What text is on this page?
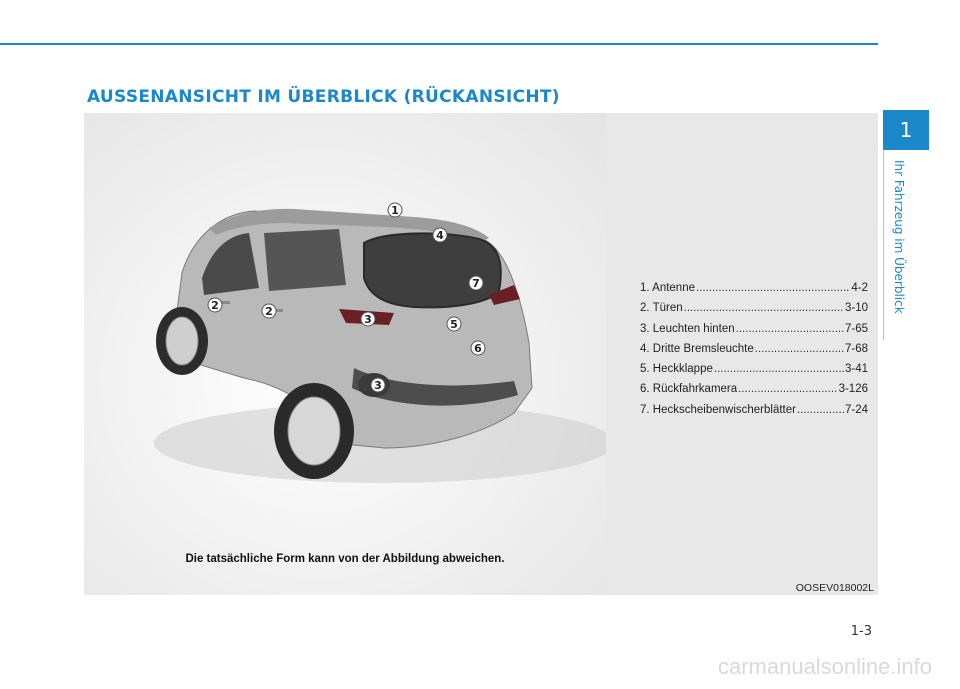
AUSSENANSICHT IM ÜBERBLICK (RÜCKANSICHT)
1
2	2
3
3
4
5
6
7
Die tatsächliche Form kann von der Abbildung abweichen.
1. Antenne .....	4-2
2. Türen .....	3-10
3. Leuchten hinten .....	7-65
4. Dritte Bremsleuchte .....	7-68
5. Heckklappe .....	3-41
6. Rückfahrkamera .....	3-126
7. Heckscheibenwischerblätter .....	7-24
OOSEV018002L
1
Ihr Fahrzeug im Überblick
1-3
carmanualsonline.info
